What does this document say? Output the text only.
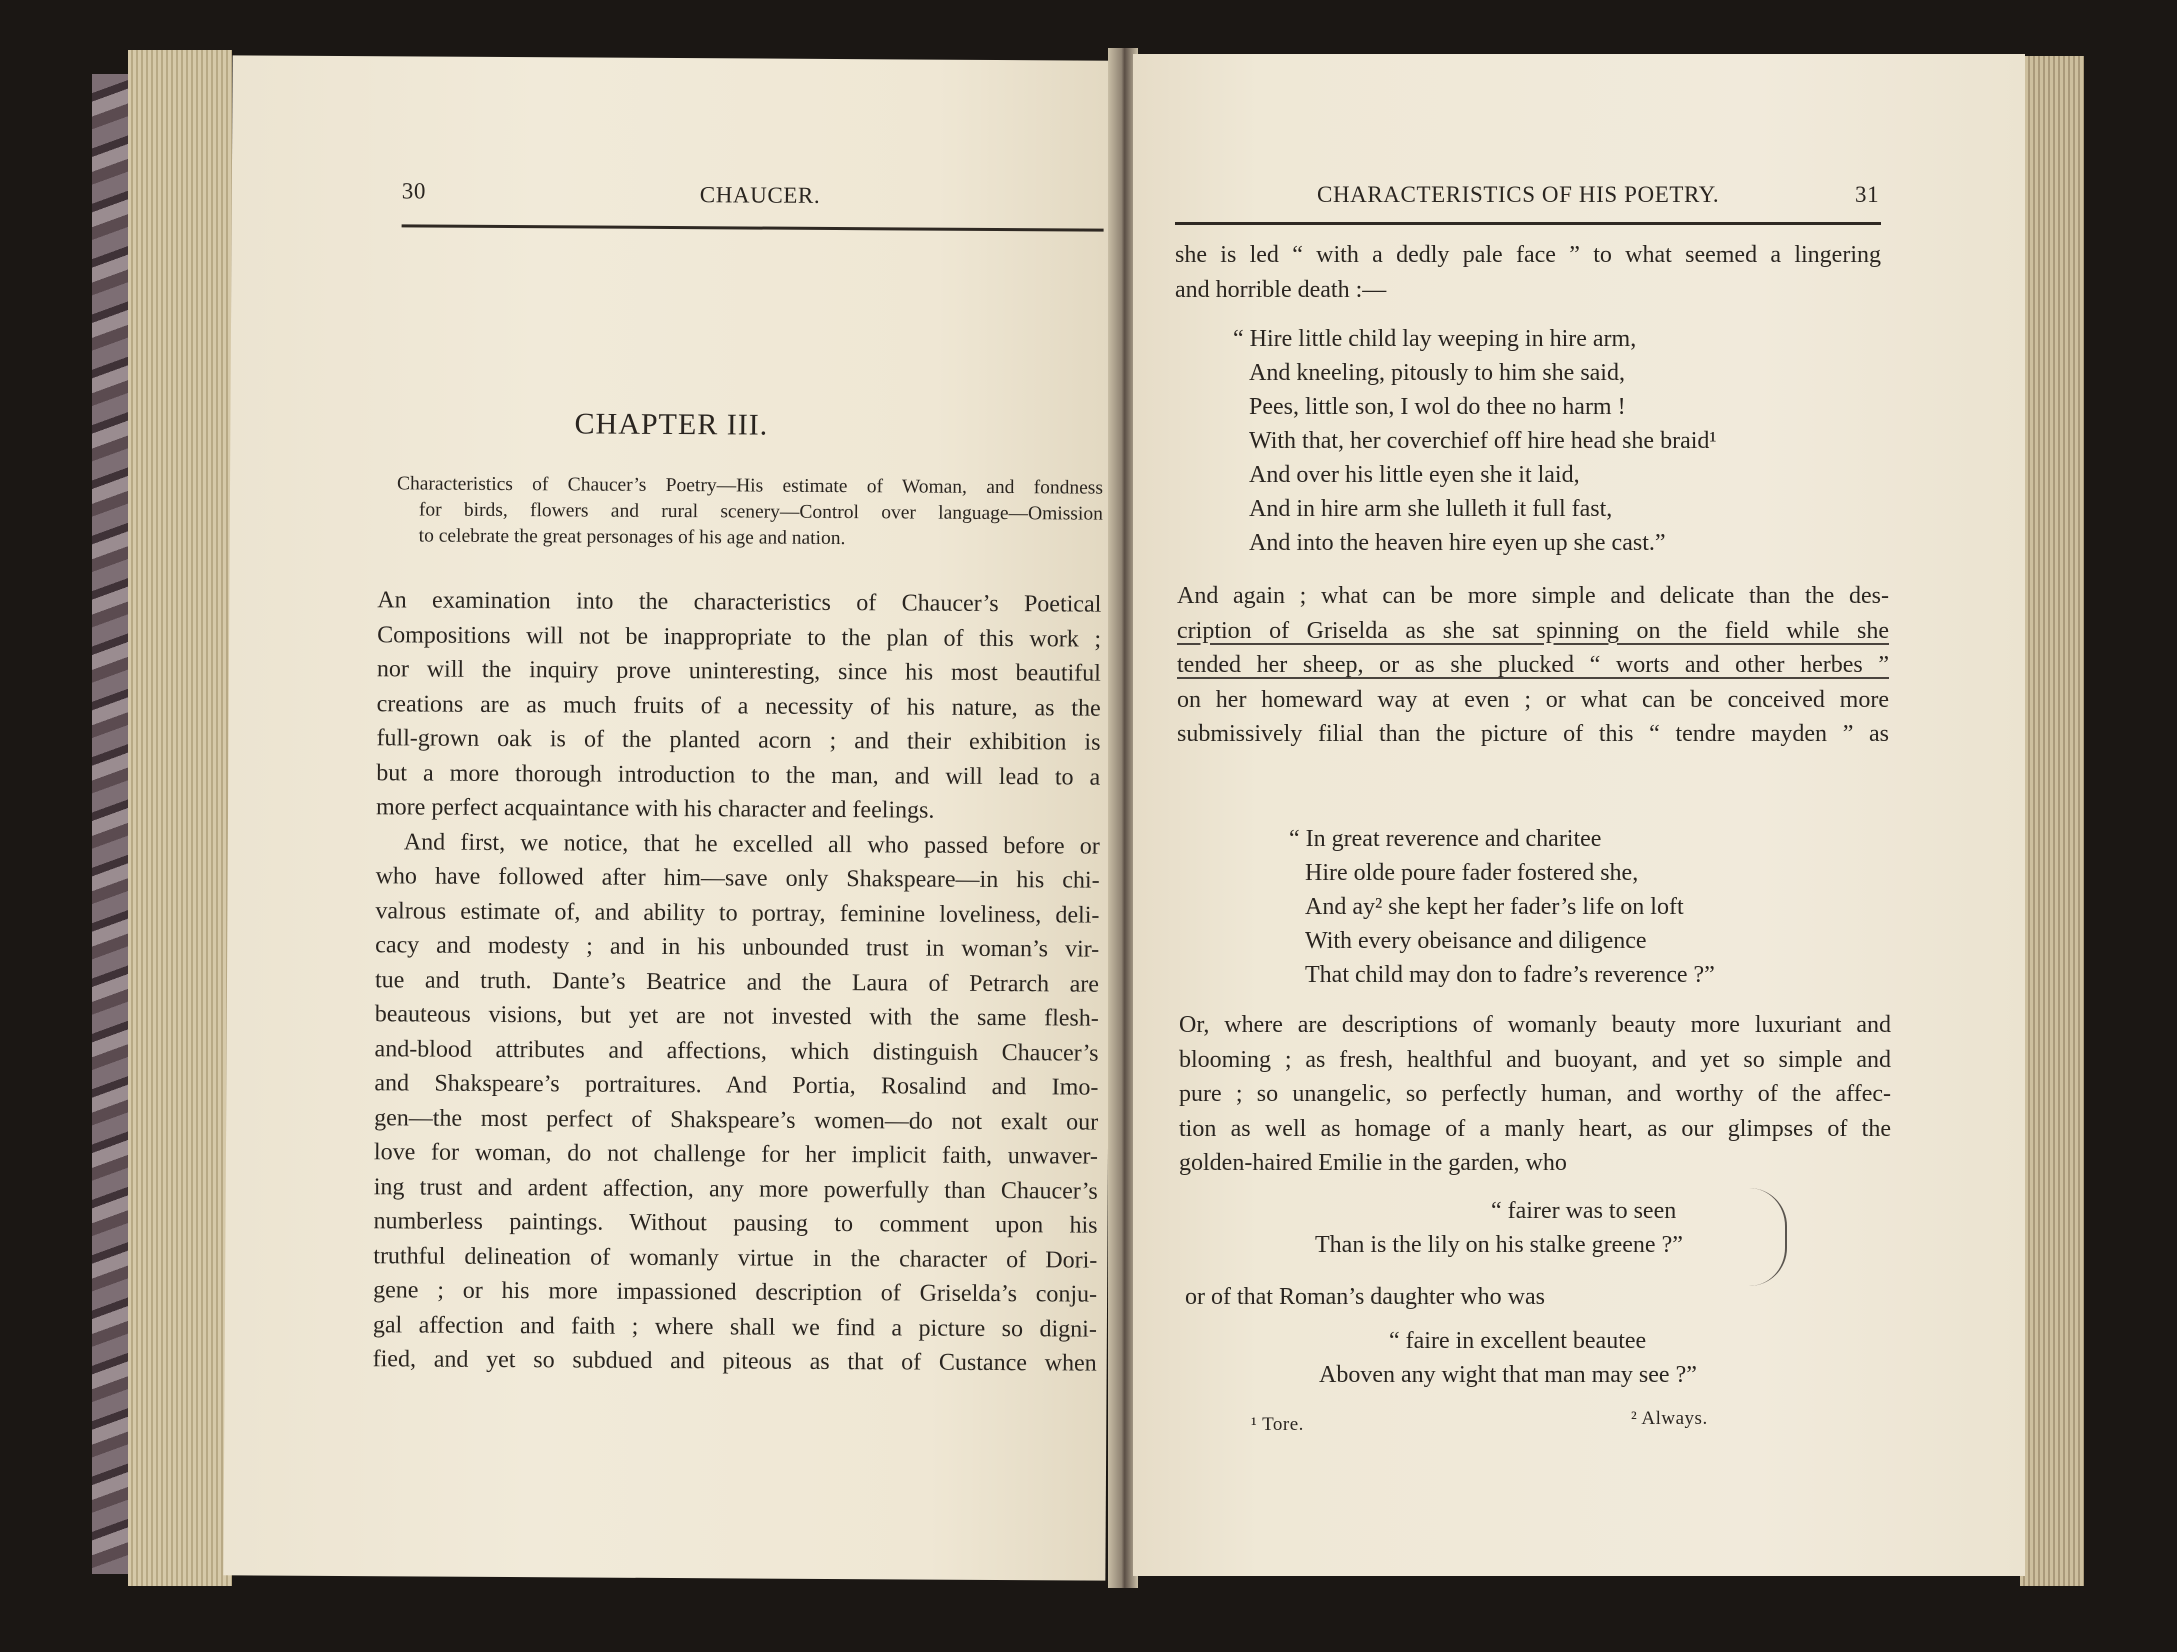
30	CHAUCER.
CHAPTER III.
Characteristics of Chaucer’s Poetry—His estimate of Woman, and fondness
for birds, flowers and rural scenery—Control over language—Omission
to celebrate the great personages of his age and nation.
An examination into the characteristics of Chaucer’s Poetical
Compositions will not be inappropriate to the plan of this work ;
nor will the inquiry prove uninteresting, since his most beautiful
creations are as much fruits of a necessity of his nature, as the
full-grown oak is of the planted acorn ; and their exhibition is
but a more thorough introduction to the man, and will lead to a
more perfect acquaintance with his character and feelings.
And first, we notice, that he excelled all who passed before or
who have followed after him—save only Shakspeare—in his chi-
valrous estimate of, and ability to portray, feminine loveliness, deli-
cacy and modesty ; and in his unbounded trust in woman’s vir-
tue and truth. Dante’s Beatrice and the Laura of Petrarch are
beauteous visions, but yet are not invested with the same flesh-
and-blood attributes and affections, which distinguish Chaucer’s
and Shakspeare’s portraitures. And Portia, Rosalind and Imo-
gen—the most perfect of Shakspeare’s women—do not exalt our
love for woman, do not challenge for her implicit faith, unwaver-
ing trust and ardent affection, any more powerfully than Chaucer’s
numberless paintings. Without pausing to comment upon his
truthful delineation of womanly virtue in the character of Dori-
gene ; or his more impassioned description of Griselda’s conju-
gal affection and faith ; where shall we find a picture so digni-
fied, and yet so subdued and piteous as that of Custance when
CHARACTERISTICS OF HIS POETRY.	31
she is led “ with a dedly pale face ” to what seemed a lingering
and horrible death :—
“ Hire little child lay weeping in hire arm,
And kneeling, pitously to him she said,
Pees, little son, I wol do thee no harm !
With that, her coverchief off hire head she braid¹
And over his little eyen she it laid,
And in hire arm she lulleth it full fast,
And into the heaven hire eyen up she cast.”
And again ; what can be more simple and delicate than the des-
cription of Griselda as she sat spinning on the field while she
tended her sheep, or as she plucked “ worts and other herbes ”
on her homeward way at even ; or what can be conceived more
submissively filial than the picture of this “ tendre mayden ” as
“ In great reverence and charitee
Hire olde poure fader fostered she,
And ay² she kept her fader’s life on loft
With every obeisance and diligence
That child may don to fadre’s reverence ?”
Or, where are descriptions of womanly beauty more luxuriant and
blooming ; as fresh, healthful and buoyant, and yet so simple and
pure ; so unangelic, so perfectly human, and worthy of the affec-
tion as well as homage of a manly heart, as our glimpses of the
golden-haired Emilie in the garden, who
“ fairer was to seen
Than is the lily on his stalke greene ?”
or of that Roman’s daughter who was
“ faire in excellent beautee
Aboven any wight that man may see ?”
¹ Tore.	² Always.
